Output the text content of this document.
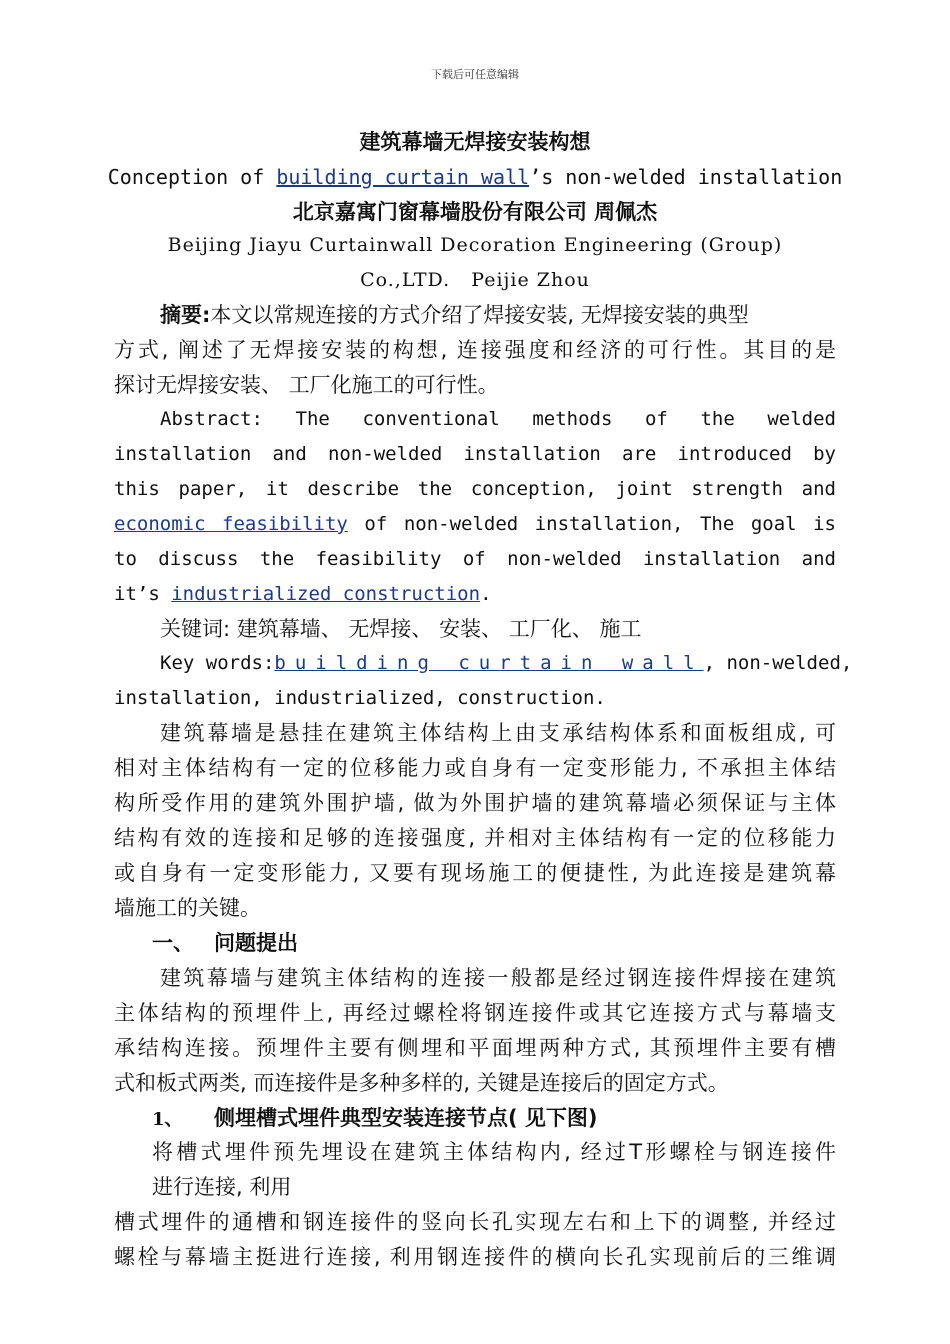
下载后可任意编辑
建筑幕墙无焊接安装构想
Conception of building curtain wall’s non-welded installation
北京嘉寓门窗幕墙股份有限公司 周佩杰
Beijing Jiayu Curtainwall Decoration Engineering (Group)
Co.,LTD.   Peijie Zhou
摘要:本文以常规连接的方式介绍了焊接安装, 无焊接安装的典型
方式, 阐述了无焊接安装的构想, 连接强度和经济的可行性。其目的是
探讨无焊接安装、 工厂化施工的可行性。
Abstract: The conventional methods of the welded
installation and non-welded installation are introduced by
this paper, it describe the conception, joint strength and
economic feasibility of non-welded installation, The goal is
to discuss the feasibility of non-welded installation and
it’s industrialized construction.
关键词: 建筑幕墙、 无焊接、 安装、 工厂化、 施工
Key words: building curtain wall , non-welded,
installation, industrialized, construction.
建筑幕墙是悬挂在建筑主体结构上由支承结构体系和面板组成, 可
相对主体结构有一定的位移能力或自身有一定变形能力, 不承担主体结
构所受作用的建筑外围护墙, 做为外围护墙的建筑幕墙必须保证与主体
结构有效的连接和足够的连接强度, 并相对主体结构有一定的位移能力
或自身有一定变形能力, 又要有现场施工的便捷性, 为此连接是建筑幕
墙施工的关键。
一、 问题提出
建筑幕墙与建筑主体结构的连接一般都是经过钢连接件焊接在建筑
主体结构的预埋件上, 再经过螺栓将钢连接件或其它连接方式与幕墙支
承结构连接。预埋件主要有侧埋和平面埋两种方式, 其预埋件主要有槽
式和板式两类, 而连接件是多种多样的, 关键是连接后的固定方式。
1、 侧埋槽式埋件典型安装连接节点( 见下图)
将槽式埋件预先埋设在建筑主体结构内, 经过T形螺栓与钢连接件
进行连接, 利用
槽式埋件的通槽和钢连接件的竖向长孔实现左右和上下的调整, 并经过
螺栓与幕墙主挺进行连接, 利用钢连接件的横向长孔实现前后的三维调
